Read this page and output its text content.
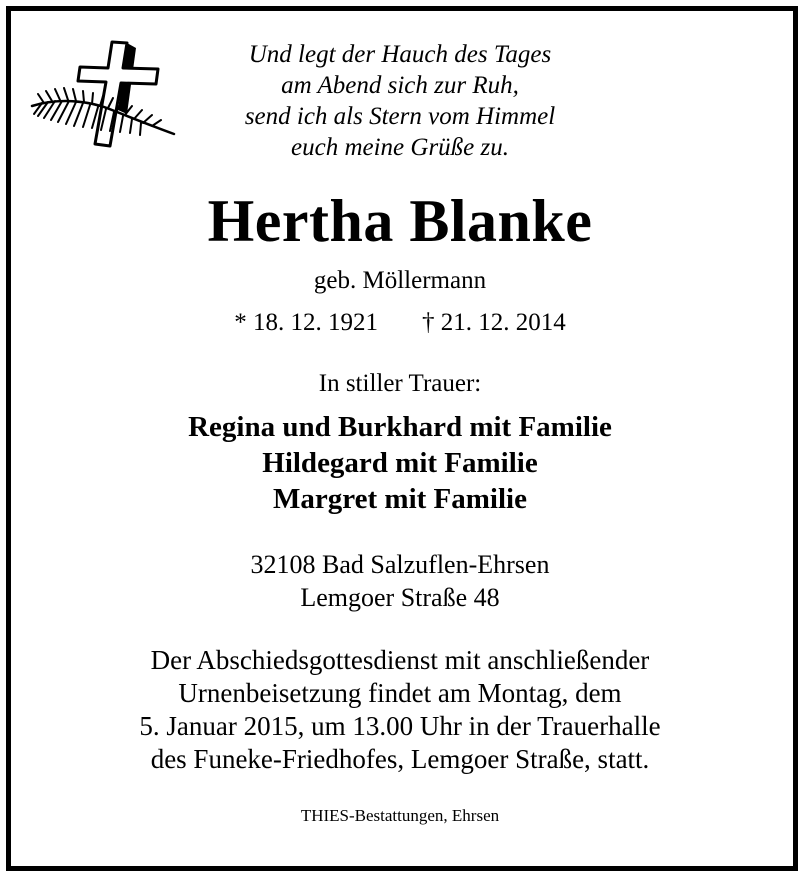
Und legt der Hauch des Tages
am Abend sich zur Ruh,
send ich als Stern vom Himmel
euch meine Grüße zu.
Hertha Blanke
geb. Möllermann
* 18. 12. 1921 † 21. 12. 2014
In stiller Trauer:
Regina und Burkhard mit Familie
Hildegard mit Familie
Margret mit Familie
32108 Bad Salzuflen-Ehrsen
Lemgoer Straße 48
Der Abschiedsgottesdienst mit anschließender
Urnenbeisetzung findet am Montag, dem
5. Januar 2015, um 13.00 Uhr in der Trauerhalle
des Funeke-Friedhofes, Lemgoer Straße, statt.
THIES-Bestattungen, Ehrsen
